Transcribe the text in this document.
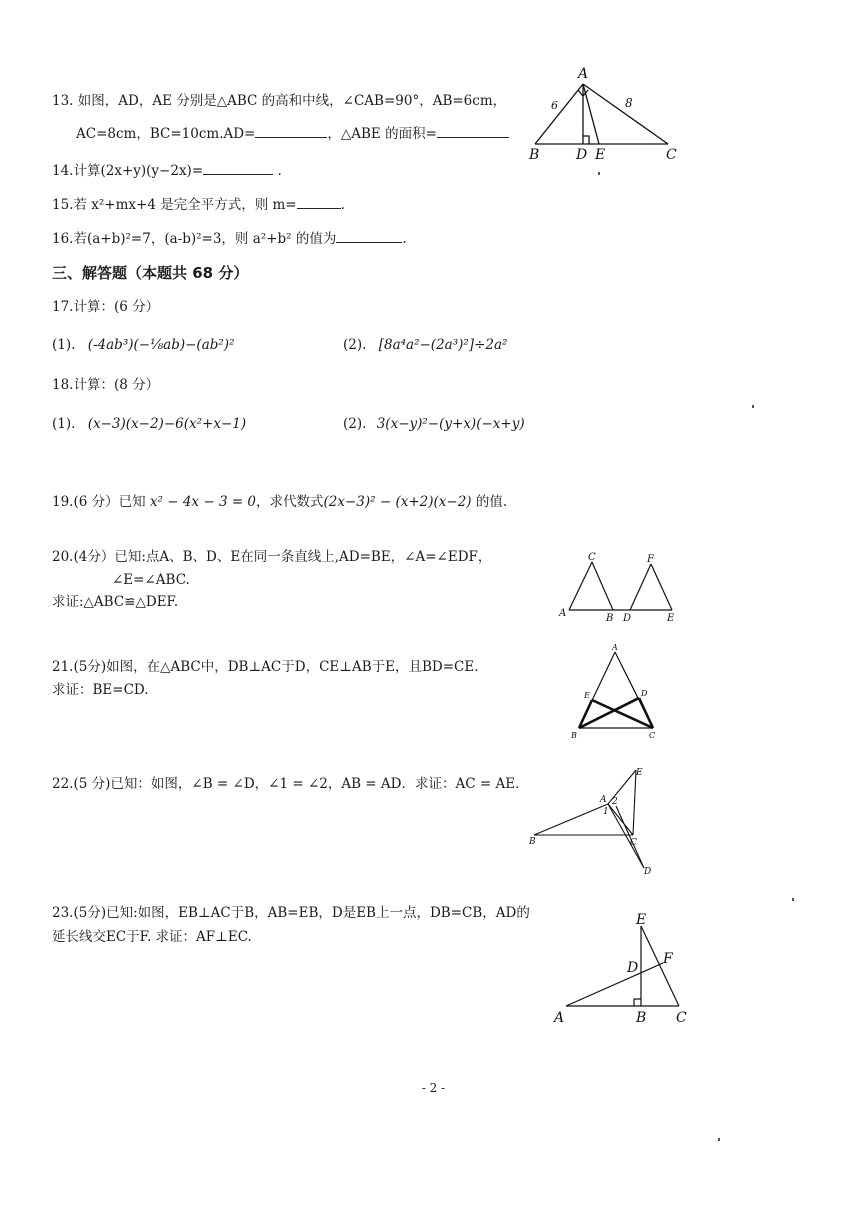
13. 如图，AD，AE 分别是△ABC 的高和中线，∠CAB=90°，AB=6cm，
AC=8cm，BC=10cm.AD=	，△ABE 的面积=
A
B	C
D E
6	8
14.计算(2x+y)(y−2x)=	.
15.若 x²+mx+4 是完全平方式，则 m=	.
16.若(a+b)²=7，(a-b)²=3，则 a²+b² 的值为	.
三、解答题（本题共 68 分）
17.计算：(6 分）
(1). (-4ab³)(−⅛ab)−(ab²)²	(2). [8a⁴a²−(2a³)²]÷2a²
18.计算：(8 分）
(1). (x−3)(x−2)−6(x²+x−1)	(2). 3(x−y)²−(y+x)(−x+y)
19.(6 分）已知 x² − 4x − 3 = 0，求代数式(2x−3)² − (x+2)(x−2) 的值.
20.(4分）已知:点A、B、D、E在同一条直线上,AD=BE，∠A=∠EDF，
∠E=∠ABC.
求证:△ABC≌△DEF.
A
C
B D
F
E
21.(5分)如图，在△ABC中，DB⊥AC于D，CE⊥AB于E，且BD=CE.
求证：BE=CD.
A
E	D
B	C
22.(5 分)已知：如图，∠B = ∠D，∠1 = ∠2，AB = AD．求证：AC = AE．
A 2
1
B	C
E
D
23.(5分)已知:如图，EB⊥AC于B，AB=EB，D是EB上一点，DB=CB，AD的
延长线交EC于F. 求证：AF⊥EC.
E
D
F
A	B C
- 2 -
